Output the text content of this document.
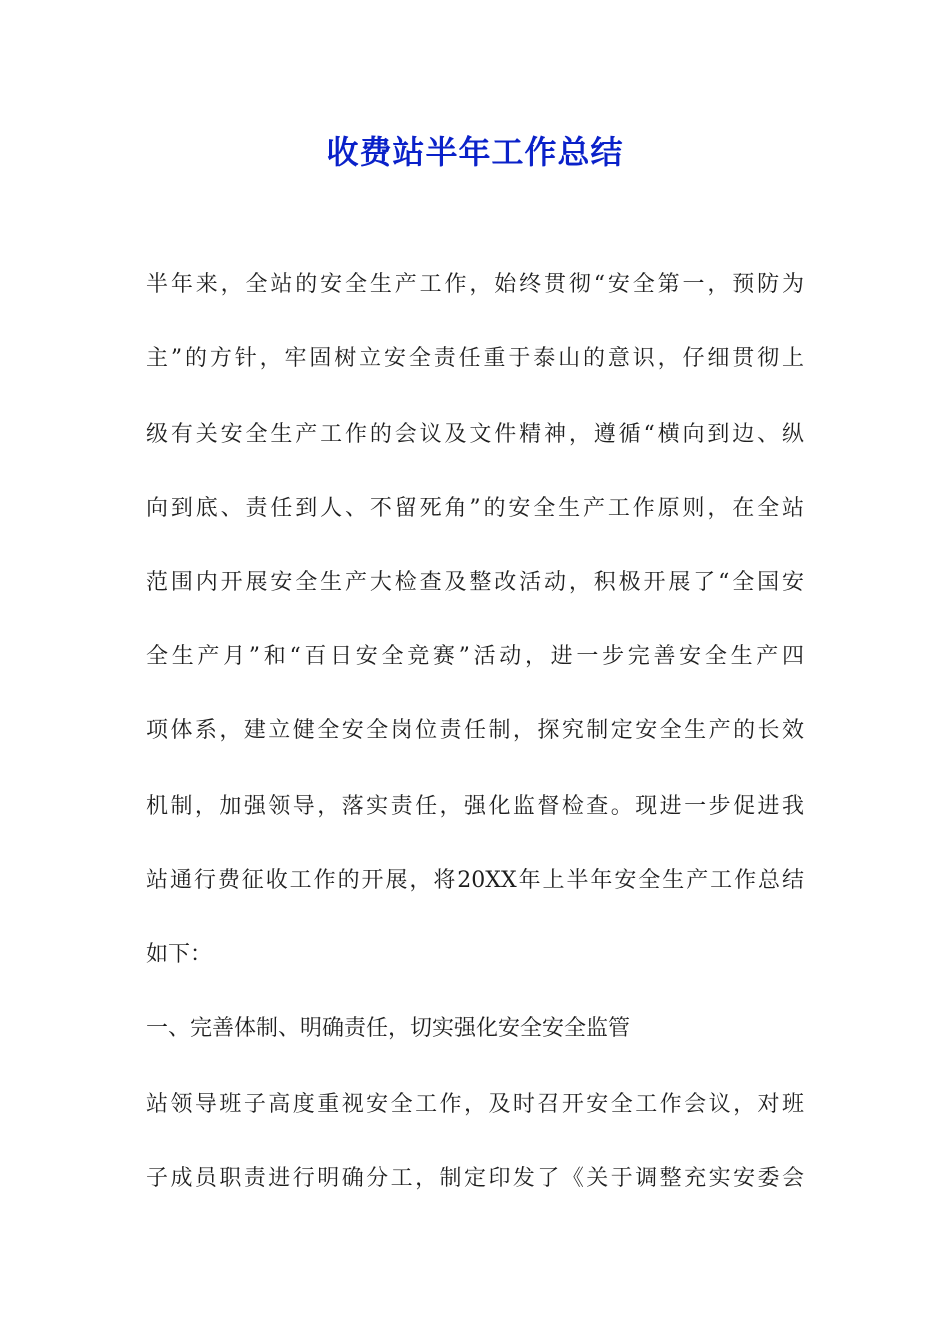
收费站半年工作总结
半年来，全站的安全生产工作，始终贯彻“安全第一，预防为
主”的方针，牢固树立安全责任重于泰山的意识，仔细贯彻上
级有关安全生产工作的会议及文件精神，遵循“横向到边、纵
向到底、责任到人、不留死角”的安全生产工作原则，在全站
范围内开展安全生产大检查及整改活动，积极开展了“全国安
全生产月”和“百日安全竞赛”活动，进一步完善安全生产四
项体系，建立健全安全岗位责任制，探究制定安全生产的长效
机制，加强领导，落实责任，强化监督检查。现进一步促进我
站通行费征收工作的开展，将20XX年上半年安全生产工作总结
如下：
一、完善体制、明确责任，切实强化安全安全监管
站领导班子高度重视安全工作，及时召开安全工作会议，对班
子成员职责进行明确分工，制定印发了《关于调整充实安委会
